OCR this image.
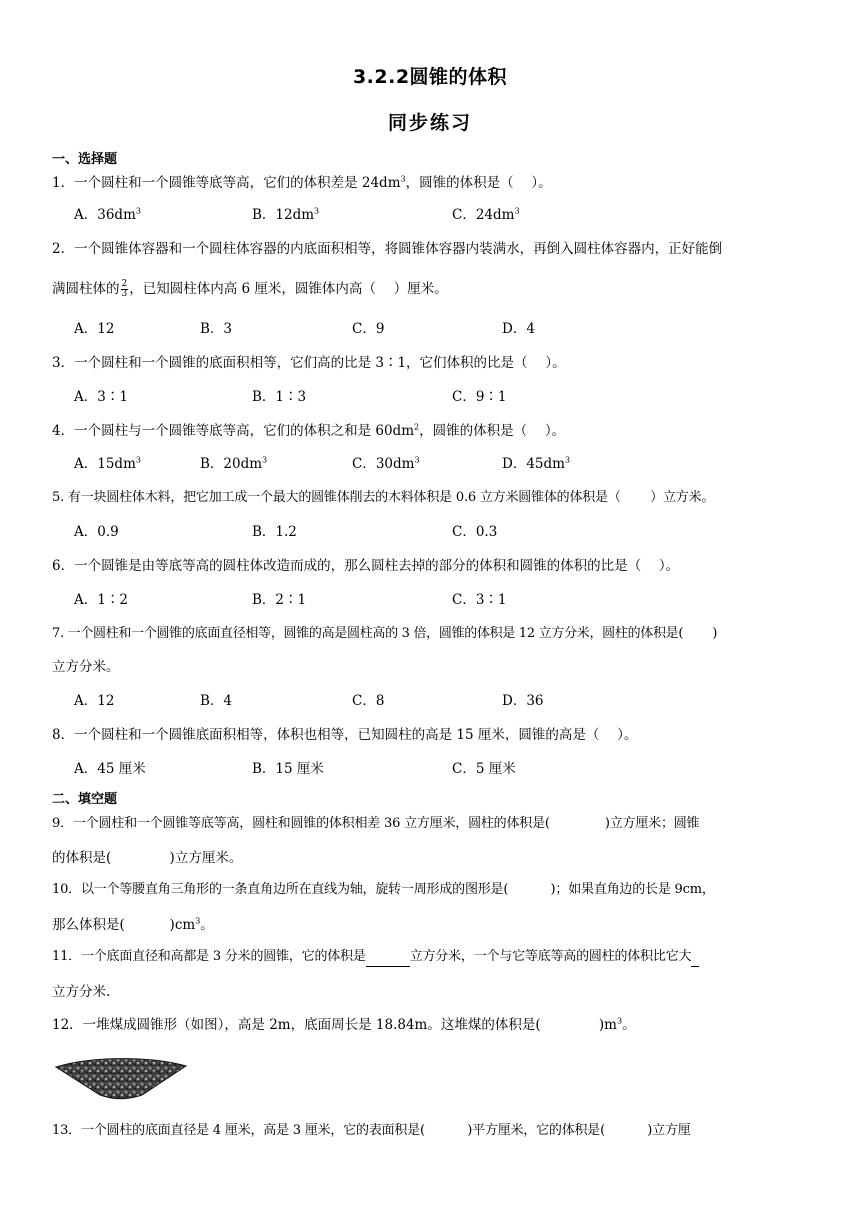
3.2.2圆锥的体积
同步练习
一、选择题
1．一个圆柱和一个圆锥等底等高，它们的体积差是 $24dm^3$，圆锥的体积是（　 ）。
A．$36dm^3$	B．$12dm^3$	C．$24dm^3$
2．一个圆锥体容器和一个圆柱体容器的内底面积相等，将圆锥体容器内装满水，再倒入圆柱体容器内，正好能倒
满圆柱体的 $\frac{2}{3}$ ，已知圆柱体内高 6 厘米，圆锥体内高（　 ）厘米。
A．12	B．3	C．9	D．4
3．一个圆柱和一个圆锥的底面积相等，它们高的比是 3∶1，它们体积的比是（　 ）。
A．3∶1	B．1∶3	C．9∶1
4．一个圆柱与一个圆锥等底等高，它们的体积之和是 $60dm^2$，圆锥的体积是（　 ）。
A．$15dm^3$	B．$20dm^3$	C．$30dm^3$	D．$45dm^3$
5. 有一块圆柱体木料，把它加工成一个最大的圆锥体削去的木料体积是 0.6 立方米圆锥体的体积是（　　 ）立方米。
A．0.9	B．1.2	C．0.3
6．一个圆锥是由等底等高的圆柱体改造而成的，那么圆柱去掉的部分的体积和圆锥的体积的比是（　 ）。
A．1∶2	B．2∶1	C．3∶1
7. 一个圆柱和一个圆锥的底面直径相等，圆锥的高是圆柱高的 3 倍，圆锥的体积是 12 立方分米，圆柱的体积是(　　 )
立方分米。
A．12	B．4	C．8	D．36
8．一个圆柱和一个圆锥底面积相等，体积也相等，已知圆柱的高是 15 厘米，圆锥的高是（　 ）。
A．45 厘米	B．15 厘米	C．5 厘米
二、填空题
9．一个圆柱和一个圆锥等底等高，圆柱和圆锥的体积相差 36 立方厘米，圆柱的体积是(　　　　 )立方厘米；圆锥
的体积是(　　　　 )立方厘米。
10．以一个等腰直角三角形的一条直角边所在直线为轴，旋转一周形成的图形是(　　　 )；如果直角边的长是 9cm，
那么体积是(　　　 )$cm^3$。
11．一个底面直径和高都是 3 分米的圆锥，它的体积是	立方分米，一个与它等底等高的圆柱的体积比它大
立方分米.
12．一堆煤成圆锥形（如图），高是 2m，底面周长是 18.84m。这堆煤的体积是(　　　　 )$m^3$。
13．一个圆柱的底面直径是 4 厘米，高是 3 厘米，它的表面积是(　　　 )平方厘米，它的体积是(　　　 )立方厘
